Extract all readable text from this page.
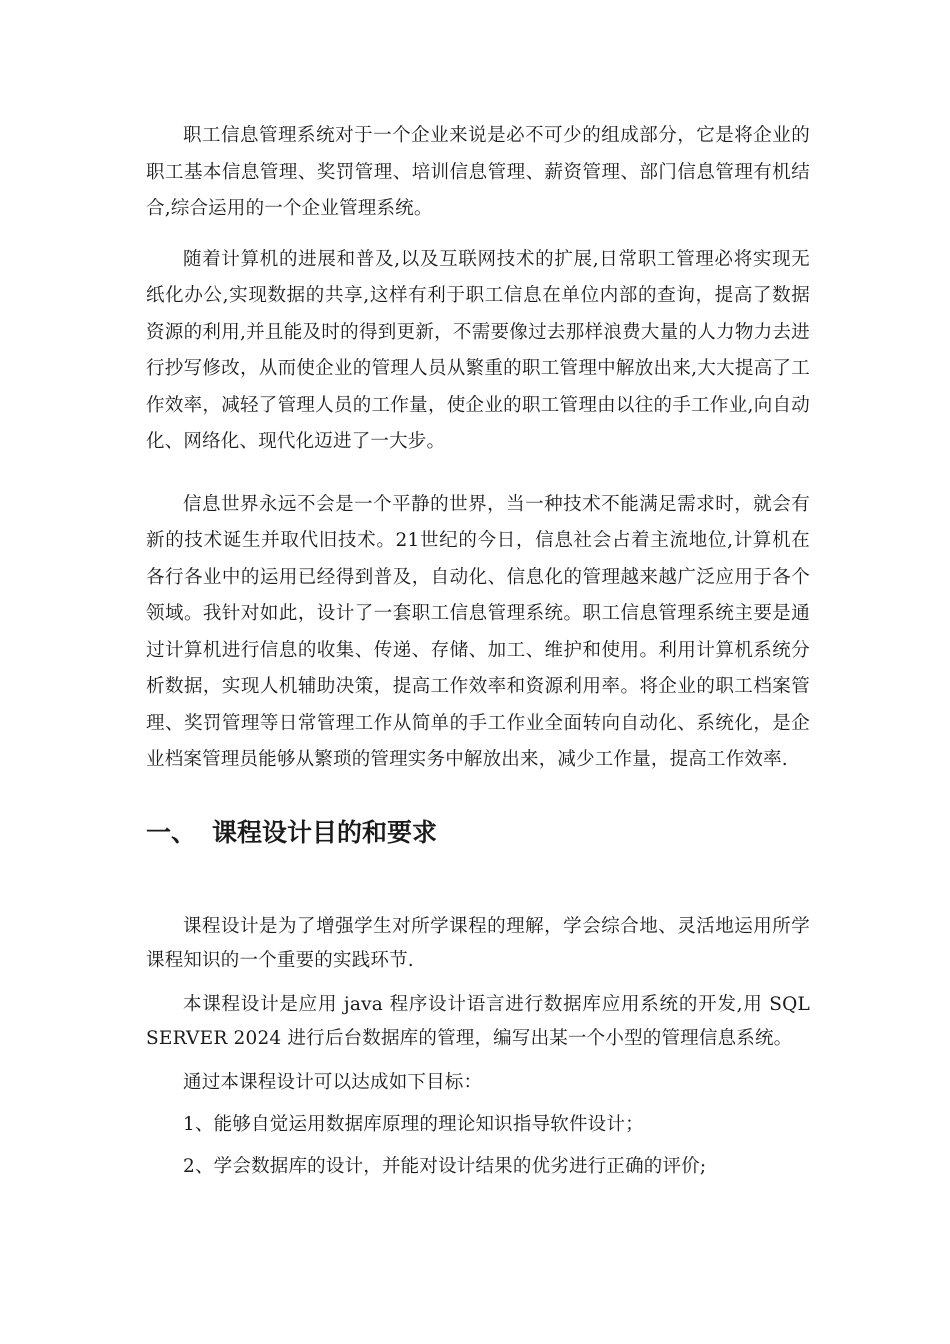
职工信息管理系统对于一个企业来说是必不可少的组成部分，它是将企业的职工基本信息管理、奖罚管理、培训信息管理、薪资管理、部门信息管理有机结合,综合运用的一个企业管理系统。

随着计算机的进展和普及,以及互联网技术的扩展,日常职工管理必将实现无纸化办公,实现数据的共享,这样有利于职工信息在单位内部的查询，提高了数据资源的利用,并且能及时的得到更新，不需要像过去那样浪费大量的人力物力去进行抄写修改，从而使企业的管理人员从繁重的职工管理中解放出来,大大提高了工作效率，减轻了管理人员的工作量，使企业的职工管理由以往的手工作业,向自动化、网络化、现代化迈进了一大步。

信息世界永远不会是一个平静的世界，当一种技术不能满足需求时，就会有新的技术诞生并取代旧技术。21世纪的今日，信息社会占着主流地位,计算机在各行各业中的运用已经得到普及，自动化、信息化的管理越来越广泛应用于各个领域。我针对如此，设计了一套职工信息管理系统。职工信息管理系统主要是通过计算机进行信息的收集、传递、存储、加工、维护和使用。利用计算机系统分析数据，实现人机辅助决策，提高工作效率和资源利用率。将企业的职工档案管理、奖罚管理等日常管理工作从简单的手工作业全面转向自动化、系统化，是企业档案管理员能够从繁琐的管理实务中解放出来，减少工作量，提高工作效率.

一、 课程设计目的和要求

课程设计是为了增强学生对所学课程的理解，学会综合地、灵活地运用所学课程知识的一个重要的实践环节.

本课程设计是应用 java 程序设计语言进行数据库应用系统的开发,用 SQL SERVER 2024 进行后台数据库的管理，编写出某一个小型的管理信息系统。

通过本课程设计可以达成如下目标：

1、能够自觉运用数据库原理的理论知识指导软件设计；

2、学会数据库的设计，并能对设计结果的优劣进行正确的评价;
